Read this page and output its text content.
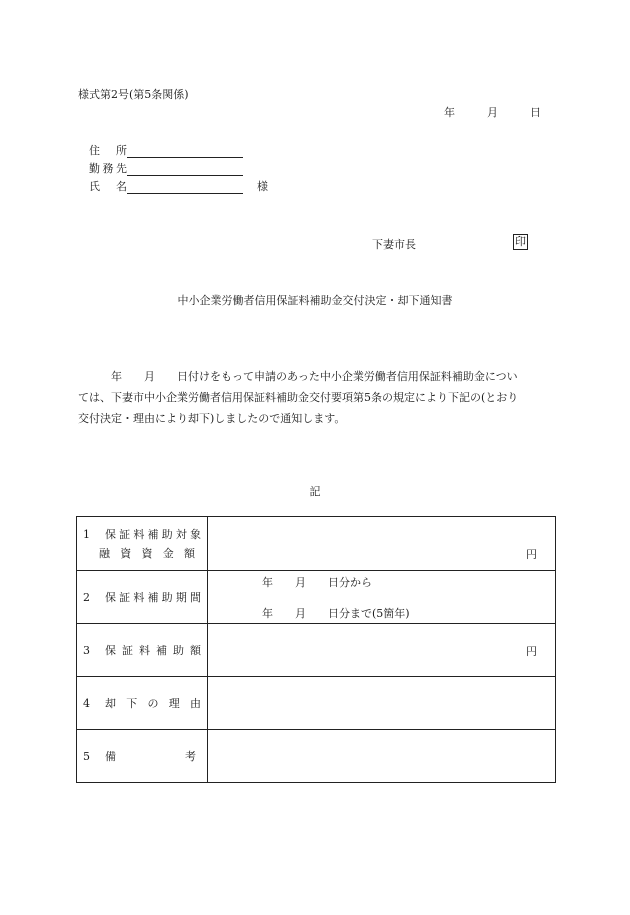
様式第2号(第5条関係)
年	月	日
住　所
勤務先
氏　名	様
下妻市長	印
中小企業労働者信用保証料補助金交付決定・却下通知書

　　　年　　月　　日付けをもって申請のあった中小企業労働者信用保証料補助金につい

ては、下妻市中小企業労働者信用保証料補助金交付要項第5条の規定により下記の(とおり

交付決定・理由により却下)しましたので通知します。

記
1 保証料補助対象
融資資金額	円

2 保証料補助期間	年　　月　　日分から
年　　月　　日分まで(5箇年)

3 保証料補助額	円

4 却下の理由	
5 備 考	
